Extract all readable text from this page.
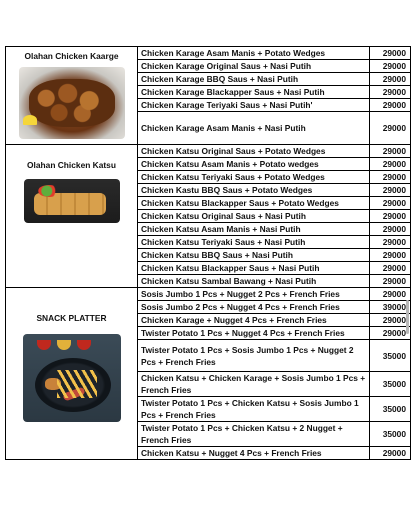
Olahan Chicken Kaarge	Chicken Karage Asam Manis + Potato Wedges	29000
	Chicken Karage Original Saus + Nasi Putih	29000
	Chicken Karage BBQ Saus + Nasi Putih	29000
	Chicken Karage Blackapper Saus + Nasi Putih	29000
	Chicken Karage Teriyaki Saus + Nasi Putih'	29000
	Chicken Karage Asam Manis + Nasi Putih	29000

Olahan Chicken Katsu	Chicken Katsu Original Saus + Potato Wedges	29000
	Chicken Katsu Asam Manis + Potato wedges	29000
	Chicken Katsu Teriyaki Saus + Potato Wedges	29000
	Chicken Kastu BBQ Saus + Potato Wedges	29000
	Chicken Katsu Blackapper Saus + Potato Wedges	29000
	Chicken Katsu Original Saus + Nasi Putih	29000
	Chicken Katsu Asam Manis + Nasi Putih	29000
	Chicken Katsu Teriyaki Saus + Nasi Putih	29000
	Chicken Katsu BBQ Saus + Nasi Putih	29000
	Chicken Katsu Blackapper Saus + Nasi Putih	29000
	Chicken Katsu Sambal Bawang + Nasi Putih	29000

SNACK PLATTER	Sosis Jumbo 1 Pcs + Nugget 2 Pcs + French Fries	29000
	Sosis Jumbo 2 Pcs + Nugget 4 Pcs + French Fries	39000
	Chicken Karage + Nugget 4 Pcs + French Fries	29000
	Twister Potato 1 Pcs + Nugget 4 Pcs + French Fries	29000
	Twister Potato 1 Pcs + Sosis Jumbo 1 Pcs + Nugget 2 Pcs + French Fries	35000
	Chicken Katsu + Chicken Karage + Sosis Jumbo 1 Pcs + French Fries	35000
	Twister Potato 1 Pcs + Chicken Katsu + Sosis Jumbo 1 Pcs + French Fries	35000
	Twister Potato 1 Pcs + Chicken Katsu + 2 Nugget + French Fries	35000
	Chicken Katsu + Nugget 4 Pcs + French Fries	29000
